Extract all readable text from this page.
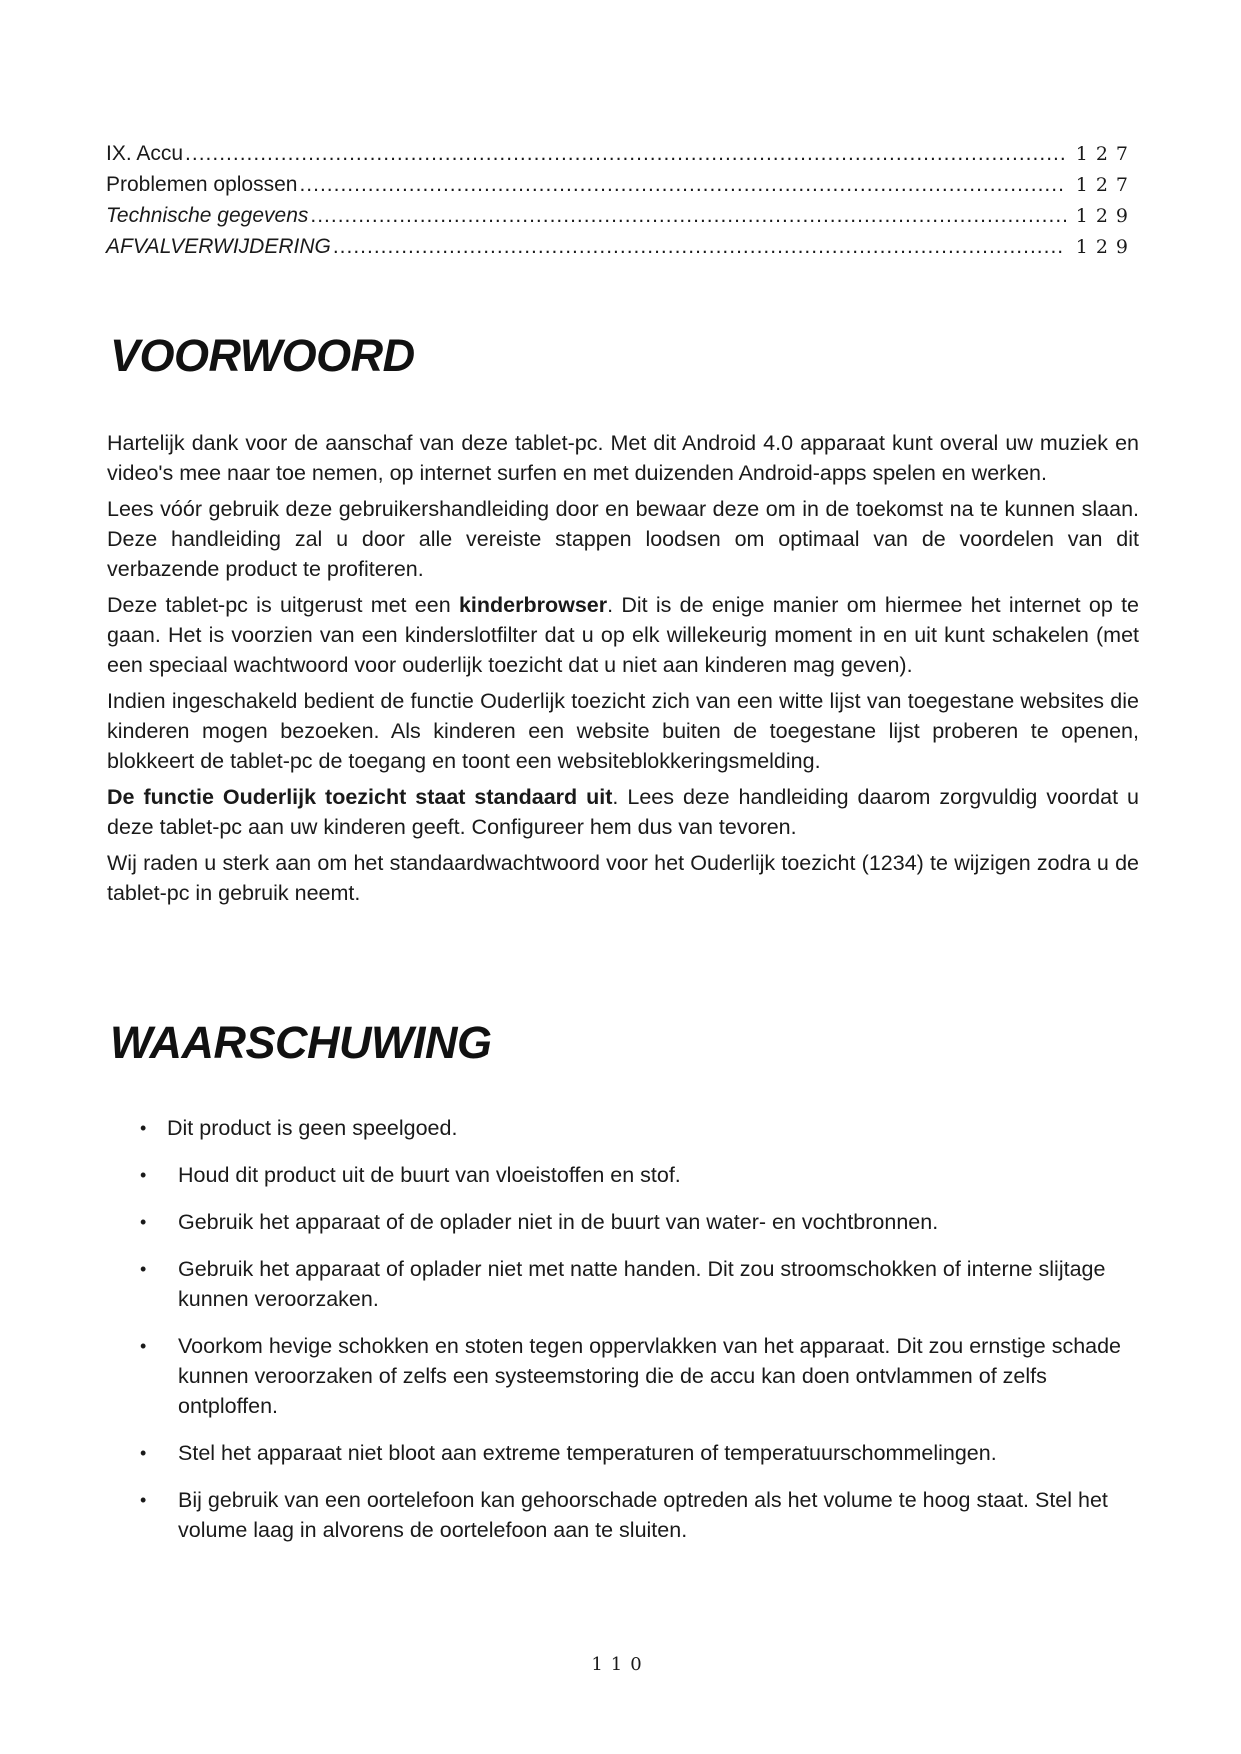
IX. Accu .....	127
Problemen oplossen .....	127
Technische gegevens .....	129
AFVALVERWIJDERING .....	129
VOORWOORD

Hartelijk dank voor de aanschaf van deze tablet-pc. Met dit Android 4.0 apparaat kunt overal uw muziek en video's mee naar toe nemen, op internet surfen en met duizenden Android-apps spelen en werken.

Lees vóór gebruik deze gebruikershandleiding door en bewaar deze om in de toekomst na te kunnen slaan. Deze handleiding zal u door alle vereiste stappen loodsen om optimaal van de voordelen van dit verbazende product te profiteren.

Deze tablet-pc is uitgerust met een kinderbrowser. Dit is de enige manier om hiermee het internet op te gaan. Het is voorzien van een kinderslotfilter dat u op elk willekeurig moment in en uit kunt schakelen (met een speciaal wachtwoord voor ouderlijk toezicht dat u niet aan kinderen mag geven).

Indien ingeschakeld bedient de functie Ouderlijk toezicht zich van een witte lijst van toegestane websites die kinderen mogen bezoeken. Als kinderen een website buiten de toegestane lijst proberen te openen, blokkeert de tablet-pc de toegang en toont een websiteblokkeringsmelding.

De functie Ouderlijk toezicht staat standaard uit. Lees deze handleiding daarom zorgvuldig voordat u deze tablet-pc aan uw kinderen geeft. Configureer hem dus van tevoren.

Wij raden u sterk aan om het standaardwachtwoord voor het Ouderlijk toezicht (1234) te wijzigen zodra u de tablet-pc in gebruik neemt.

WAARSCHUWING
• Dit product is geen speelgoed.
• Houd dit product uit de buurt van vloeistoffen en stof.
• Gebruik het apparaat of de oplader niet in de buurt van water- en vochtbronnen.
• Gebruik het apparaat of oplader niet met natte handen. Dit zou stroomschokken of interne slijtage kunnen veroorzaken.
• Voorkom hevige schokken en stoten tegen oppervlakken van het apparaat. Dit zou ernstige schade kunnen veroorzaken of zelfs een systeemstoring die de accu kan doen ontvlammen of zelfs ontploffen.
• Stel het apparaat niet bloot aan extreme temperaturen of temperatuurschommelingen.
• Bij gebruik van een oortelefoon kan gehoorschade optreden als het volume te hoog staat. Stel het volume laag in alvorens de oortelefoon aan te sluiten.
110
